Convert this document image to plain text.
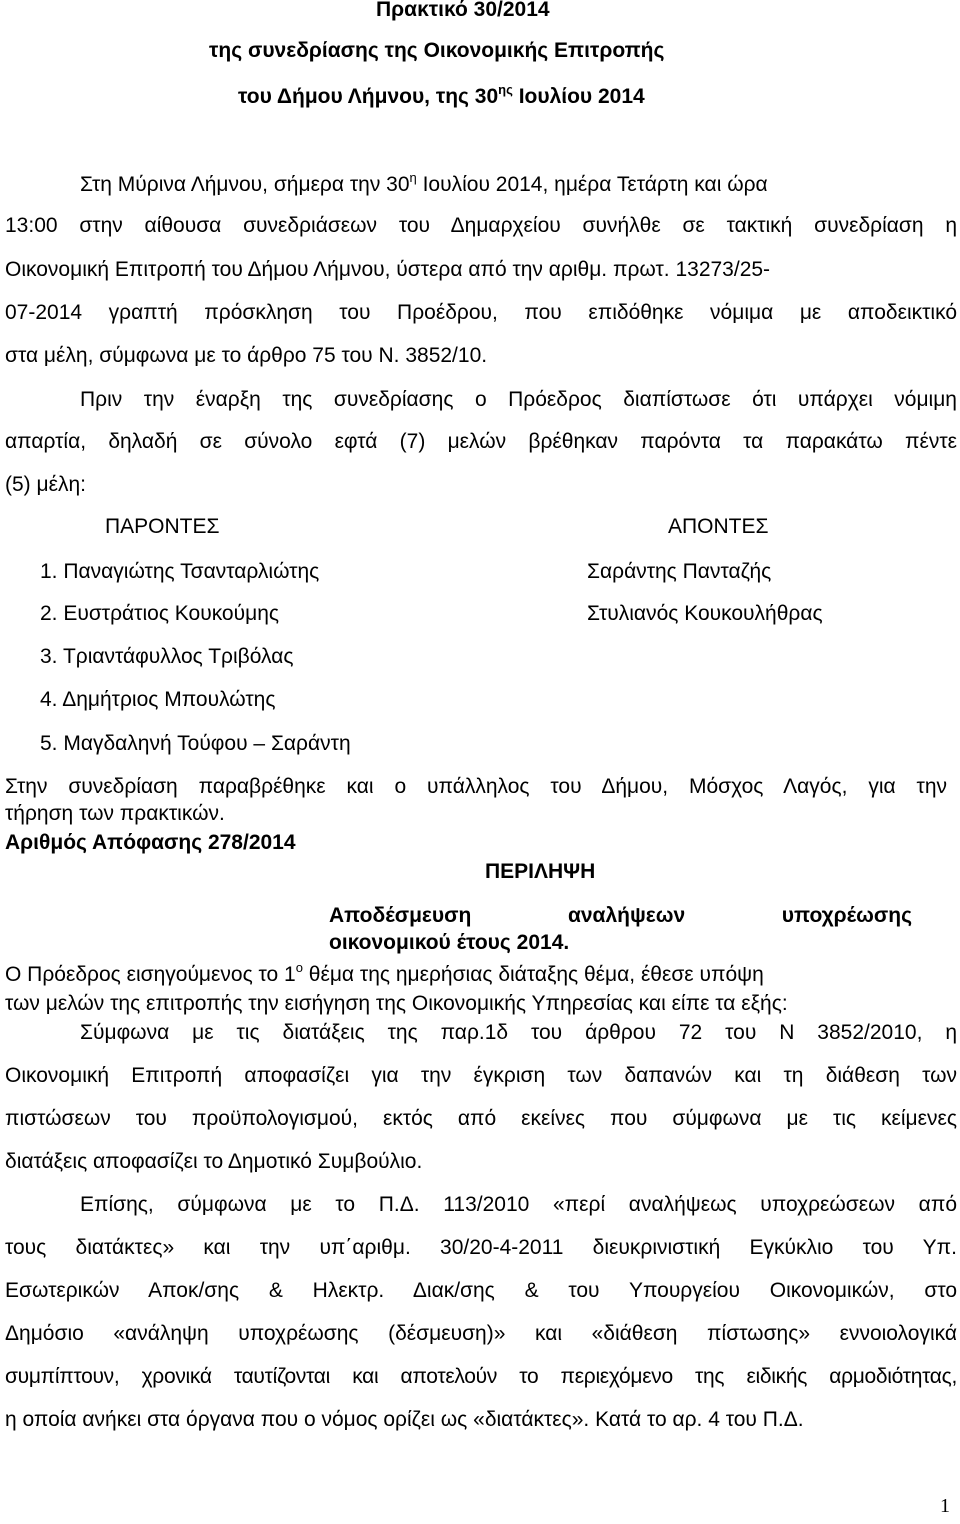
Πρακτικό 30/2014
της συνεδρίασης της Οικονομικής Επιτροπής
του Δήμου Λήμνου, της $30^{\eta\varsigma}$ Ιουλίου 2014
Στη Μύρινα Λήμνου, σήμερα την $30^\eta$ Ιουλίου 2014, ημέρα Τετάρτη και ώρα
13:00 στην αίθουσα συνεδριάσεων του Δημαρχείου συνήλθε σε τακτική συνεδρίαση η
Οικονομική Επιτροπή του Δήμου Λήμνου, ύστερα από την αριθμ. πρωτ. 13273/25-
07-2014 γραπτή πρόσκληση του Προέδρου, που επιδόθηκε νόμιμα με αποδεικτικό
στα μέλη, σύμφωνα με το άρθρο 75 του Ν. 3852/10.
Πριν την έναρξη της συνεδρίασης ο Πρόεδρος διαπίστωσε ότι υπάρχει νόμιμη
απαρτία, δηλαδή σε σύνολο εφτά (7) μελών βρέθηκαν παρόντα τα παρακάτω πέντε
(5) μέλη:
ΠΑΡΟΝΤΕΣ	ΑΠΟΝΤΕΣ
1. Παναγιώτης Τσανταρλιώτης
2. Ευστράτιος Κουκούμης
3. Τριαντάφυλλος Τριβόλας
4. Δημήτριος Μπουλώτης
5. Μαγδαληνή Τούφου – Σαράντη
Σαράντης Πανταζής
Στυλιανός Κουκουλήθρας
Στην συνεδρίαση παραβρέθηκε και ο υπάλληλος του Δήμου, Μόσχος Λαγός, για την
τήρηση των πρακτικών.
Αριθμός Απόφασης 278/2014
ΠΕΡΙΛΗΨΗ
Αποδέσμευση αναλήψεων υποχρέωσης
οικονομικού έτους 2014.
Ο Πρόεδρος εισηγούμενος το $1^o$ θέμα της ημερήσιας διάταξης θέμα, έθεσε υπόψη
των μελών της επιτροπής την εισήγηση της Οικονομικής Υπηρεσίας και είπε τα εξής:
Σύμφωνα με τις διατάξεις της παρ.1δ του άρθρου 72 του Ν 3852/2010, η
Οικονομική Επιτροπή αποφασίζει για την έγκριση των δαπανών και τη διάθεση των
πιστώσεων του προϋπολογισμού, εκτός από εκείνες που σύμφωνα με τις κείμενες
διατάξεις αποφασίζει το Δημοτικό Συμβούλιο.
Επίσης, σύμφωνα με το Π.Δ. 113/2010 «περί αναλήψεως υποχρεώσεων από
τους διατάκτες» και την υπ΄αριθμ. 30/20-4-2011 διευκρινιστική Εγκύκλιο του Υπ.
Εσωτερικών Αποκ/σης & Ηλεκτρ. Διακ/σης & του Υπουργείου Οικονομικών, στο
Δημόσιο «ανάληψη υποχρέωσης (δέσμευση)» και «διάθεση πίστωσης» εννοιολογικά
συμπίπτουν, χρονικά ταυτίζονται και αποτελούν το περιεχόμενο της ειδικής αρμοδιότητας,
η οποία ανήκει στα όργανα που ο νόμος ορίζει ως «διατάκτες». Κατά το αρ. 4 του Π.Δ.
1
